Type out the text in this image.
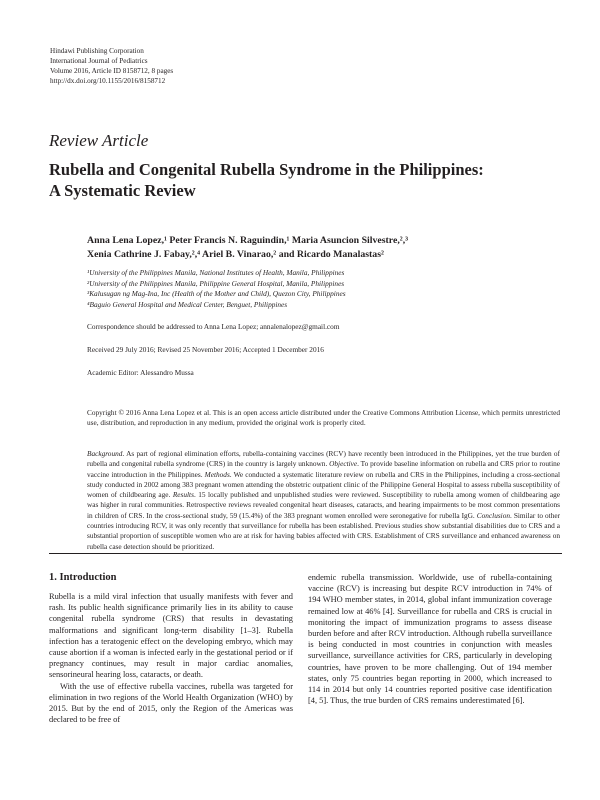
Hindawi Publishing Corporation
International Journal of Pediatrics
Volume 2016, Article ID 8158712, 8 pages
http://dx.doi.org/10.1155/2016/8158712
Review Article
Rubella and Congenital Rubella Syndrome in the Philippines:
A Systematic Review
Anna Lena Lopez,¹ Peter Francis N. Raguindin,¹ Maria Asuncion Silvestre,²,³
Xenia Cathrine J. Fabay,²,⁴ Ariel B. Vinarao,² and Ricardo Manalastas²
¹University of the Philippines Manila, National Institutes of Health, Manila, Philippines
²University of the Philippines Manila, Philippine General Hospital, Manila, Philippines
³Kalusugan ng Mag-Ina, Inc (Health of the Mother and Child), Quezon City, Philippines
⁴Baguio General Hospital and Medical Center, Benguet, Philippines
Correspondence should be addressed to Anna Lena Lopez; annalenalopez@gmail.com
Received 29 July 2016; Revised 25 November 2016; Accepted 1 December 2016
Academic Editor: Alessandro Mussa
Copyright © 2016 Anna Lena Lopez et al. This is an open access article distributed under the Creative Commons Attribution License, which permits unrestricted use, distribution, and reproduction in any medium, provided the original work is properly cited.
Background. As part of regional elimination efforts, rubella-containing vaccines (RCV) have recently been introduced in the Philippines, yet the true burden of rubella and congenital rubella syndrome (CRS) in the country is largely unknown. Objective. To provide baseline information on rubella and CRS prior to routine vaccine introduction in the Philippines. Methods. We conducted a systematic literature review on rubella and CRS in the Philippines, including a cross-sectional study conducted in 2002 among 383 pregnant women attending the obstetric outpatient clinic of the Philippine General Hospital to assess rubella susceptibility of women of childbearing age. Results. 15 locally published and unpublished studies were reviewed. Susceptibility to rubella among women of childbearing age was higher in rural communities. Retrospective reviews revealed congenital heart diseases, cataracts, and hearing impairments to be most common presentations in children of CRS. In the cross-sectional study, 59 (15.4%) of the 383 pregnant women enrolled were seronegative for rubella IgG. Conclusion. Similar to other countries introducing RCV, it was only recently that surveillance for rubella has been established. Previous studies show substantial disabilities due to CRS and a substantial proportion of susceptible women who are at risk for having babies affected with CRS. Establishment of CRS surveillance and enhanced awareness on rubella case detection should be prioritized.
1. Introduction

Rubella is a mild viral infection that usually manifests with fever and rash. Its public health significance primarily lies in its ability to cause congenital rubella syndrome (CRS) that results in devastating malformations and significant long-term disability [1–3]. Rubella infection has a teratogenic effect on the developing embryo, which may cause abortion if a woman is infected early in the gestational period or if pregnancy continues, may result in major cardiac anomalies, sensorineural hearing loss, cataracts, or death.

With the use of effective rubella vaccines, rubella was targeted for elimination in two regions of the World Health Organization (WHO) by 2015. But by the end of 2015, only the Region of the Americas was declared to be free of

endemic rubella transmission. Worldwide, use of rubella-containing vaccine (RCV) is increasing but despite RCV introduction in 74% of 194 WHO member states, in 2014, global infant immunization coverage remained low at 46% [4]. Surveillance for rubella and CRS is crucial in monitoring the impact of immunization programs to assess disease burden before and after RCV introduction. Although rubella surveillance is being conducted in most countries in conjunction with measles surveillance, surveillance activities for CRS, particularly in developing countries, have proven to be more challenging. Out of 194 member states, only 75 countries began reporting in 2000, which increased to 114 in 2014 but only 14 countries reported positive case identification [4, 5]. Thus, the true burden of CRS remains underestimated [6].
